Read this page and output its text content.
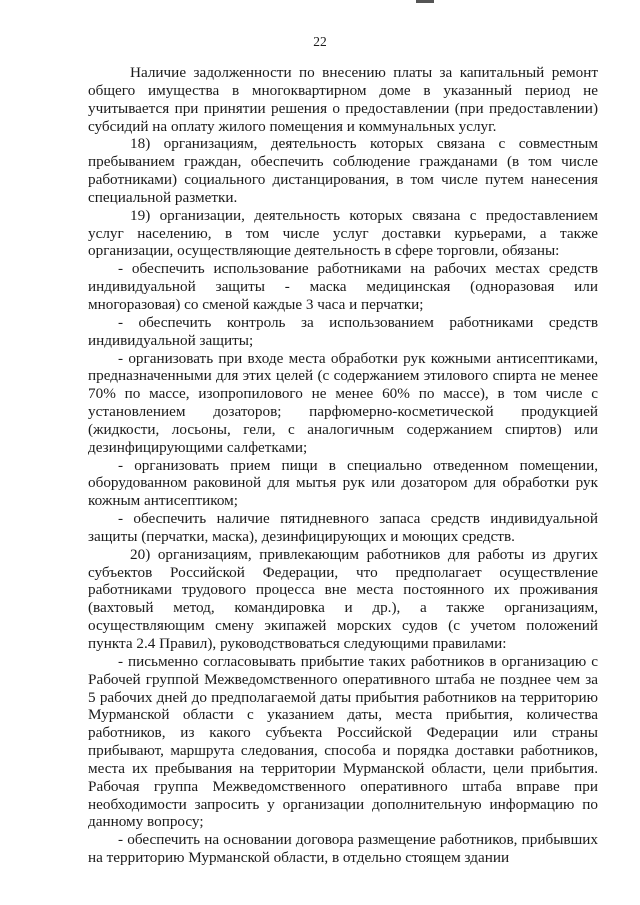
22

Наличие задолженности по внесению платы за капитальный ремонт общего имущества в многоквартирном доме в указанный период не учитывается при принятии решения о предоставлении (при предоставлении) субсидий на оплату жилого помещения и коммунальных услуг.

18) организациям, деятельность которых связана с совместным пребыванием граждан, обеспечить соблюдение гражданами (в том числе работниками) социального дистанцирования, в том числе путем нанесения специальной разметки.

19) организации, деятельность которых связана с предоставлением услуг населению, в том числе услуг доставки курьерами, а также организации, осуществляющие деятельность в сфере торговли, обязаны:

- обеспечить использование работниками на рабочих местах средств индивидуальной защиты - маска медицинская (одноразовая или многоразовая) со сменой каждые 3 часа и перчатки;

- обеспечить контроль за использованием работниками средств индивидуальной защиты;

- организовать при входе места обработки рук кожными антисептиками, предназначенными для этих целей (с содержанием этилового спирта не менее 70% по массе, изопропилового не менее 60% по массе), в том числе с установлением дозаторов; парфюмерно-косметической продукцией (жидкости, лосьоны, гели, с аналогичным содержанием спиртов) или дезинфицирующими салфетками;

- организовать прием пищи в специально отведенном помещении, оборудованном раковиной для мытья рук или дозатором для обработки рук кожным антисептиком;

- обеспечить наличие пятидневного запаса средств индивидуальной защиты (перчатки, маска), дезинфицирующих и моющих средств.

20) организациям, привлекающим работников для работы из других субъектов Российской Федерации, что предполагает осуществление работниками трудового процесса вне места постоянного их проживания (вахтовый метод, командировка и др.), а также организациям, осуществляющим смену экипажей морских судов (с учетом положений пункта 2.4 Правил), руководствоваться следующими правилами:

- письменно согласовывать прибытие таких работников в организацию с Рабочей группой Межведомственного оперативного штаба не позднее чем за 5 рабочих дней до предполагаемой даты прибытия работников на территорию Мурманской области с указанием даты, места прибытия, количества работников, из какого субъекта Российской Федерации или страны прибывают, маршрута следования, способа и порядка доставки работников, места их пребывания на территории Мурманской области, цели прибытия. Рабочая группа Межведомственного оперативного штаба вправе при необходимости запросить у организации дополнительную информацию по данному вопросу;

- обеспечить на основании договора размещение работников, прибывших на территорию Мурманской области, в отдельно стоящем здании
